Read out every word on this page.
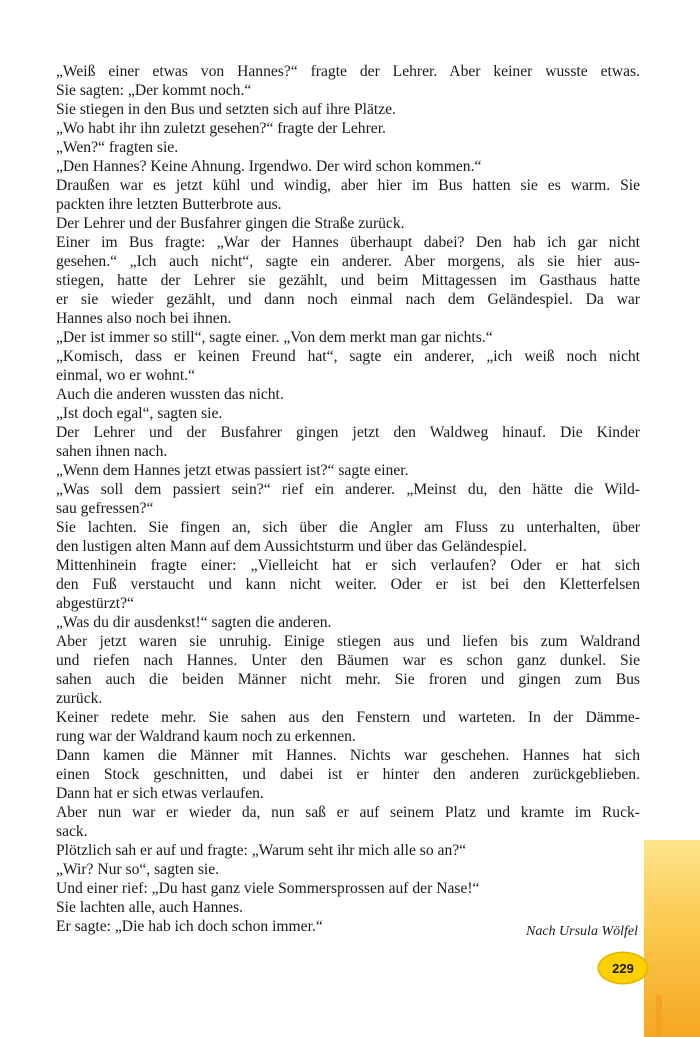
„Weiß einer etwas von Hannes?“ fragte der Lehrer. Aber keiner wusste etwas.
Sie sagten: „Der kommt noch.“
Sie stiegen in den Bus und setzten sich auf ihre Plätze.
„Wo habt ihr ihn zuletzt gesehen?“ fragte der Lehrer.
„Wen?“ fragten sie.
„Den Hannes? Keine Ahnung. Irgendwo. Der wird schon kommen.“
Draußen war es jetzt kühl und windig, aber hier im Bus hatten sie es warm. Sie
packten ihre letzten Butterbrote aus.
Der Lehrer und der Busfahrer gingen die Straße zurück.
Einer im Bus fragte: „War der Hannes überhaupt dabei? Den hab ich gar nicht
gesehen.“ „Ich auch nicht“, sagte ein anderer. Aber morgens, als sie hier aus-
stiegen, hatte der Lehrer sie gezählt, und beim Mittagessen im Gasthaus hatte
er sie wieder gezählt, und dann noch einmal nach dem Geländespiel. Da war
Hannes also noch bei ihnen.
„Der ist immer so still“, sagte einer. „Von dem merkt man gar nichts.“
„Komisch, dass er keinen Freund hat“, sagte ein anderer, „ich weiß noch nicht
einmal, wo er wohnt.“
Auch die anderen wussten das nicht.
„Ist doch egal“, sagten sie.
Der Lehrer und der Busfahrer gingen jetzt den Waldweg hinauf. Die Kinder
sahen ihnen nach.
„Wenn dem Hannes jetzt etwas passiert ist?“ sagte einer.
„Was soll dem passiert sein?“ rief ein anderer. „Meinst du, den hätte die Wild-
sau gefressen?“
Sie lachten. Sie fingen an, sich über die Angler am Fluss zu unterhalten, über
den lustigen alten Mann auf dem Aussichtsturm und über das Geländespiel.
Mittenhinein fragte einer: „Vielleicht hat er sich verlaufen? Oder er hat sich
den Fuß verstaucht und kann nicht weiter. Oder er ist bei den Kletterfelsen
abgestürzt?“
„Was du dir ausdenkst!“ sagten die anderen.
Aber jetzt waren sie unruhig. Einige stiegen aus und liefen bis zum Waldrand
und riefen nach Hannes. Unter den Bäumen war es schon ganz dunkel. Sie
sahen auch die beiden Männer nicht mehr. Sie froren und gingen zum Bus
zurück.
Keiner redete mehr. Sie sahen aus den Fenstern und warteten. In der Dämme-
rung war der Waldrand kaum noch zu erkennen.
Dann kamen die Männer mit Hannes. Nichts war geschehen. Hannes hat sich
einen Stock geschnitten, und dabei ist er hinter den anderen zurückgeblieben.
Dann hat er sich etwas verlaufen.
Aber nun war er wieder da, nun saß er auf seinem Platz und kramte im Ruck-
sack.
Plötzlich sah er auf und fragte: „Warum seht ihr mich alle so an?“
„Wir? Nur so“, sagten sie.
Und einer rief: „Du hast ganz viele Sommersprossen auf der Nase!“
Sie lachten alle, auch Hannes.
Er sagte: „Die hab ich doch schon immer.“	Nach Ursula Wölfel
229
